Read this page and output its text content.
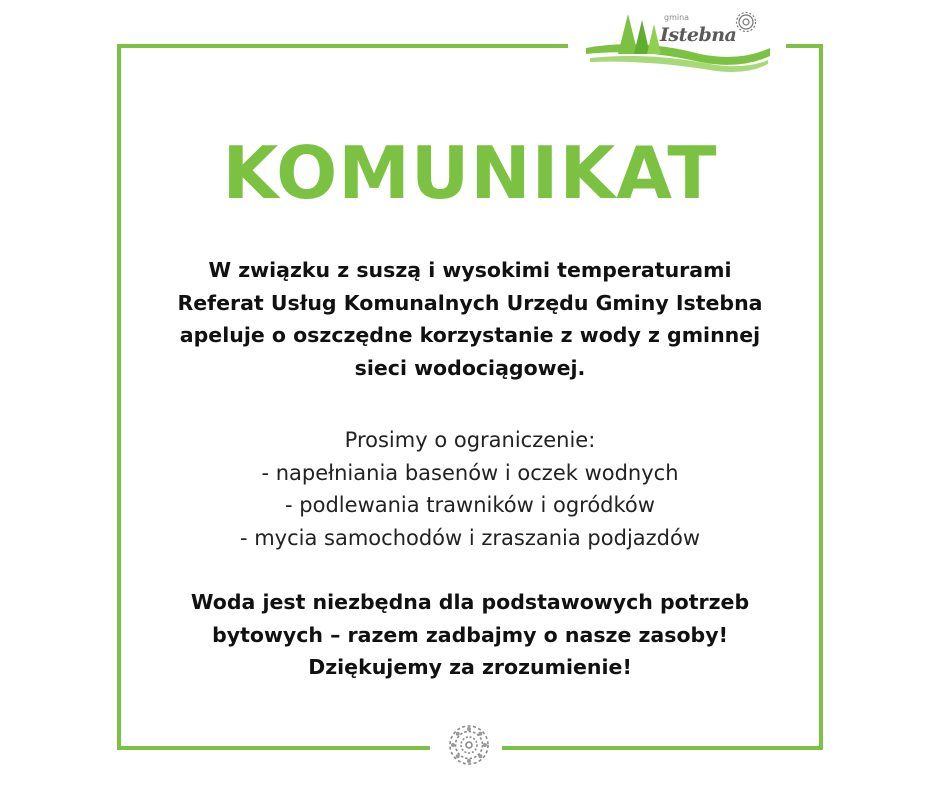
gmina
Istebna
KOMUNIKAT
W związku z suszą i wysokimi temperaturami
Referat Usług Komunalnych Urzędu Gminy Istebna
apeluje o oszczędne korzystanie z wody z gminnej
sieci wodociągowej.
Prosimy o ograniczenie:
- napełniania basenów i oczek wodnych
- podlewania trawników i ogródków
- mycia samochodów i zraszania podjazdów
Woda jest niezbędna dla podstawowych potrzeb
bytowych – razem zadbajmy o nasze zasoby!
Dziękujemy za zrozumienie!
